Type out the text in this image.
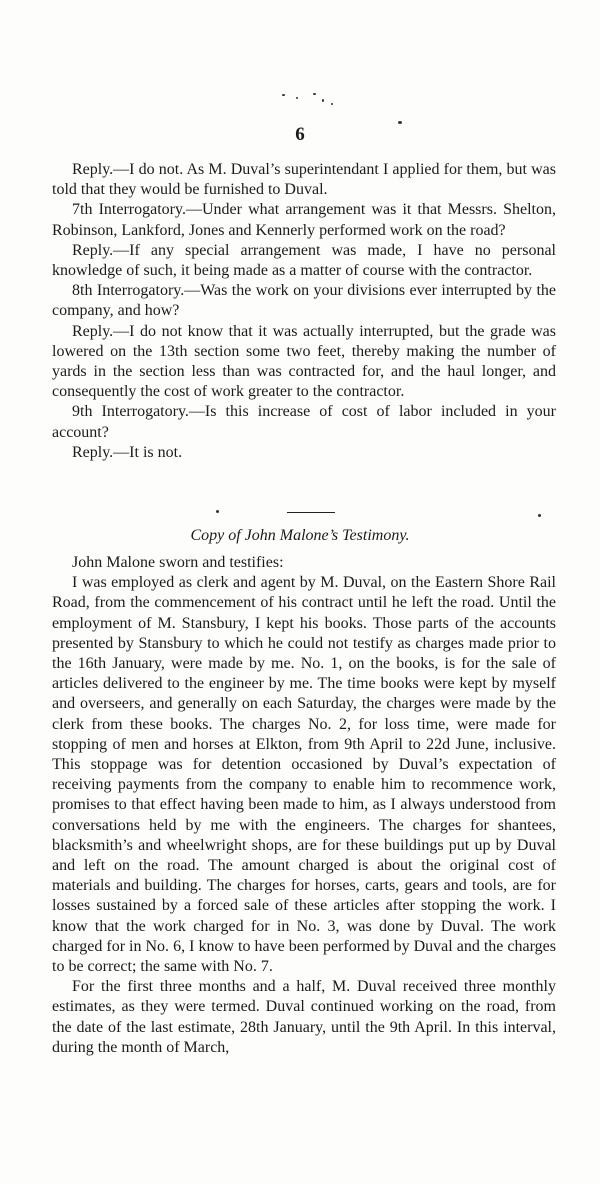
6

Reply.—I do not. As M. Duval’s superintendant I applied for them, but was told that they would be furnished to Duval.

7th Interrogatory.—Under what arrangement was it that Messrs. Shelton, Robinson, Lankford, Jones and Kennerly performed work on the road?

Reply.—If any special arrangement was made, I have no personal knowledge of such, it being made as a matter of course with the contractor.

8th Interrogatory.—Was the work on your divisions ever interrupted by the company, and how?

Reply.—I do not know that it was actually interrupted, but the grade was lowered on the 13th section some two feet, thereby making the number of yards in the section less than was contracted for, and the haul longer, and consequently the cost of work greater to the contractor.

9th Interrogatory.—Is this increase of cost of labor included in your account?

Reply.—It is not.

Copy of John Malone’s Testimony.

John Malone sworn and testifies:

I was employed as clerk and agent by M. Duval, on the Eastern Shore Rail Road, from the commencement of his contract until he left the road. Until the employment of M. Stansbury, I kept his books. Those parts of the accounts presented by Stansbury to which he could not testify as charges made prior to the 16th January, were made by me. No. 1, on the books, is for the sale of articles delivered to the engineer by me. The time books were kept by myself and overseers, and generally on each Saturday, the charges were made by the clerk from these books. The charges No. 2, for loss time, were made for stopping of men and horses at Elkton, from 9th April to 22d June, inclusive. This stoppage was for detention occasioned by Duval’s expectation of receiving payments from the company to enable him to recommence work, promises to that effect having been made to him, as I always understood from conversations held by me with the engineers. The charges for shantees, blacksmith’s and wheelwright shops, are for these buildings put up by Duval and left on the road. The amount charged is about the original cost of materials and building. The charges for horses, carts, gears and tools, are for losses sustained by a forced sale of these articles after stopping the work. I know that the work charged for in No. 3, was done by Duval. The work charged for in No. 6, I know to have been performed by Duval and the charges to be correct; the same with No. 7.

For the first three months and a half, M. Duval received three monthly estimates, as they were termed. Duval continued working on the road, from the date of the last estimate, 28th January, until the 9th April. In this interval, during the month of March,
